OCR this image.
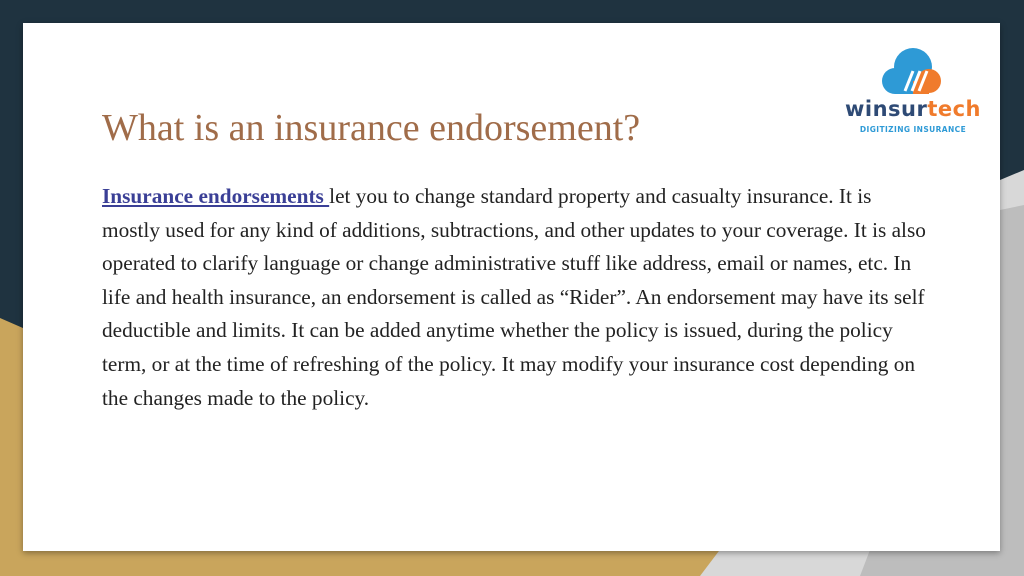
winsurtech
DIGITIZING INSURANCE
What is an insurance endorsement?

Insurance endorsements let you to change standard property and casualty insurance. It is mostly used for any kind of additions, subtractions, and other updates to your coverage. It is also operated to clarify language or change administrative stuff like address, email or names, etc. In life and health insurance, an endorsement is called as “Rider”. An endorsement may have its self deductible and limits. It can be added anytime whether the policy is issued, during the policy term, or at the time of refreshing of the policy. It may modify your insurance cost depending on the changes made to the policy.
